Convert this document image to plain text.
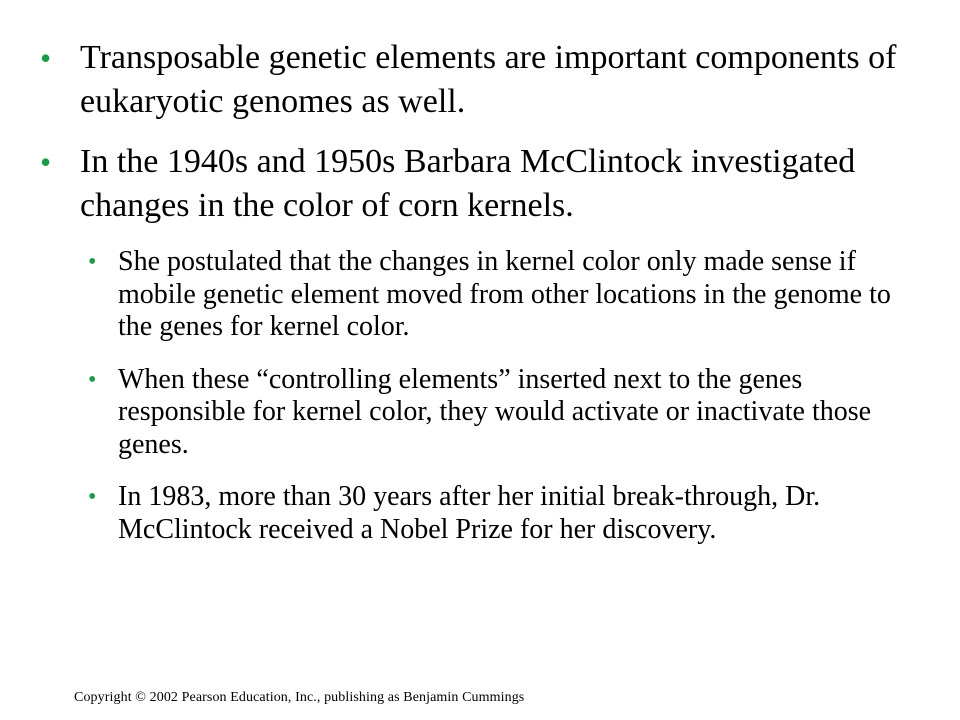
• Transposable genetic elements are important components of eukaryotic genomes as well.
• In the 1940s and 1950s Barbara McClintock investigated changes in the color of corn kernels.
• She postulated that the changes in kernel color only made sense if mobile genetic element moved from other locations in the genome to the genes for kernel color.
• When these “controlling elements” inserted next to the genes responsible for kernel color, they would activate or inactivate those genes.
• In 1983, more than 30 years after her initial break-through, Dr. McClintock received a Nobel Prize for her discovery.
Copyright © 2002 Pearson Education, Inc., publishing as Benjamin Cummings
